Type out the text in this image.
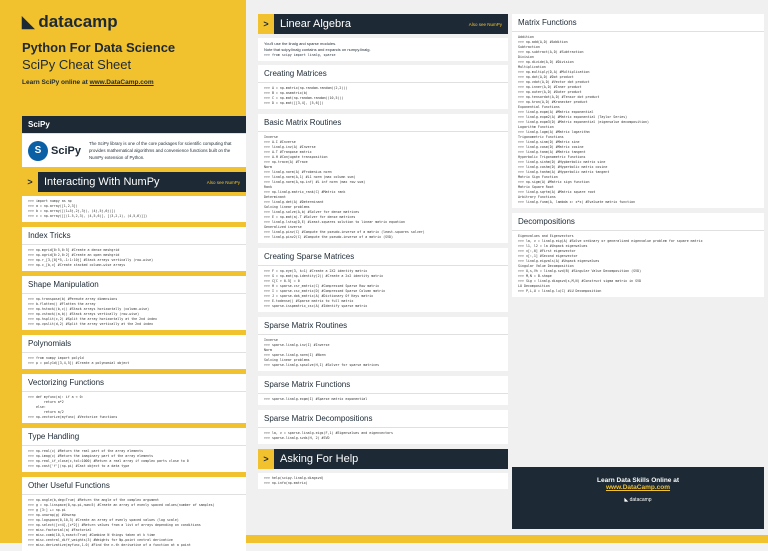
◣ datacamp
Python For Data Science
SciPy Cheat Sheet
Learn SciPy online at www.DataCamp.com
SciPy
S SciPy
The SciPy library is one of the core packages for scientific computing that provides mathematical algorithms and convenience functions built on the NumPy extension of Python.
>	Interacting With NumPy	Also see NumPy
>>> import numpy as np
>>> a = np.array([1,2,3])
>>> b = np.array([(1+5j,2j,3j), (4j,5j,6j)])
>>> c = np.array([[(1.5,2,3), (4,5,6)], [(3,2,1), (4,5,6)]])
Index Tricks
>>> np.mgrid[0:5,0:5] #Create a dense meshgrid
>>> np.ogrid[0:2,0:2] #Create an open meshgrid
>>> np.r_[3,[0]*5,-1:1:10j] #Stack arrays vertically (row-wise)
>>> np.c_[b,c] #Create stacked column-wise arrays
Shape Manipulation
>>> np.transpose(b) #Permute array dimensions
>>> b.flatten() #Flatten the array
>>> np.hstack((b,c)) #Stack arrays horizontally (column-wise)
>>> np.vstack((a,b)) #Stack arrays vertically (row-wise)
>>> np.hsplit(c,2) #Split the array horizontally at the 2nd index
>>> np.vpslit(d,2) #Split the array vertically at the 2nd index
Polynomials
>>> from numpy import poly1d
>>> p = poly1d([3,4,5]) #Create a polynomial object
Vectorizing Functions
>>> def myfunc(a): if a < 0:
return a*2
else:
return a/2
>>> np.vectorize(myfunc) #Vectorize functions
Type Handling
>>> np.real(c) #Return the real part of the array elements
>>> np.imag(c) #Return the imaginary part of the array elements
>>> np.real_if_close(c,tol=1000) #Return a real array if complex parts close to 0
>>> np.cast['f'](np.pi) #Cast object to a data type
Other Useful Functions
>>> np.angle(b,deg=True) #Return the angle of the complex argument
>>> g = np.linspace(0,np.pi,num=5) #Create an array of evenly spaced values(number of samples)
>>> g [3:] += np.pi
>>> np.unwrap(g) #Unwrap
>>> np.logspace(0,10,3) #Create an array of evenly spaced values (log scale)
>>> np.select([c<4],[c*2]) #Return values from a list of arrays depending on conditions
>>> misc.factorial(a) #Factorial
>>> misc.comb(10,3,exact=True) #Combine N things taken at k time
>>> misc.central_diff_weights(3) #Weights for Np-point central derivative
>>> misc.derivative(myfunc,1.0) #Find the n-th derivative of a function at a point
>	Linear Algebra	Also see NumPy
You'll use the linalg and sparse modules.
Note that scipy.linalg contains and expands on numpy.linalg.
>>> from scipy import linalg, sparse
Creating Matrices
>>> A = np.matrix(np.random.random((2,2)))
>>> B = np.asmatrix(b)
>>> C = np.mat(np.random.random((10,5)))
>>> D = np.mat([[3,4], [5,6]])
Basic Matrix Routines
Inverse
>>> A.I #Inverse
>>> linalg.inv(A) #Inverse
>>> A.T #Tranpose matrix
>>> A.H #Conjugate transposition
>>> np.trace(A) #Trace
Norm
>>> linalg.norm(A) #Frobenius norm
>>> linalg.norm(A,1) #L1 norm (max column sum)
>>> linalg.norm(A,np.inf) #L inf norm (max row sum)
Rank
>>> np.linalg.matrix_rank(C) #Matrix rank
Determinant
>>> linalg.det(A) #Determinant
Solving linear problems
>>> linalg.solve(A,b) #Solver for dense matrices
>>> E = np.mat(a).T #Solver for dense matrices
>>> linalg.lstsq(D,E) #Least-squares solution to linear matrix equation
Generalized inverse
>>> linalg.pinv(C) #Compute the pseudo-inverse of a matrix (least-squares solver)
>>> linalg.pinv2(C) #Compute the pseudo-inverse of a matrix (SVD)
Creating Sparse Matrices
>>> F = np.eye(3, k=1) #Create a 2X2 identity matrix
>>> G = np.mat(np.identity(2)) #Create a 2x2 identity matrix
>>> C[C > 0.5] = 0
>>> H = sparse.csr_matrix(C) #Compressed Sparse Row matrix
>>> I = sparse.csc_matrix(D) #Compressed Sparse Column matrix
>>> J = sparse.dok_matrix(A) #Dictionary Of Keys matrix
>>> E.todense() #Sparse matrix to full matrix
>>> sparse.isspmatrix_csc(A) #Identify sparse matrix
Sparse Matrix Routines
Inverse
>>> sparse.linalg.inv(I) #Inverse
Norm
>>> sparse.linalg.norm(I) #Norm
Solving linear problems
>>> sparse.linalg.spsolve(H,I) #Solver for sparse matrices
Sparse Matrix Functions
>>> sparse.linalg.expm(I) #Sparse matrix exponential
Sparse Matrix Decompositions
>>> la, v = sparse.linalg.eigs(F,1) #Eigenvalues and eigenvectors
>>> sparse.linalg.svds(H, 2) #SVD
>	Asking For Help
>>> help(scipy.linalg.diagsvd)
>>> np.info(np.matrix)
Matrix Functions
Addition
>>> np.add(A,D) #Addition
Subtraction
>>> np.subtract(A,D) #Subtraction
Division
>>> np.divide(A,D) #Division
Multiplication
>>> np.multiply(D,A) #Multiplication
>>> np.dot(A,D) #Dot product
>>> np.vdot(A,D) #Vector dot product
>>> np.inner(A,D) #Inner product
>>> np.outer(A,D) #Outer product
>>> np.tensordot(A,D) #Tensor dot product
>>> np.kron(A,D) #Kronecker product
Exponential Functions
>>> linalg.expm(A) #Matrix exponential
>>> linalg.expm2(A) #Matrix exponential (Taylor Series)
>>> linalg.expm3(D) #Matrix exponential (eigenvalue decomposition)
Logarithm Function
>>> linalg.logm(A) #Matrix logarithm
Trigonometric Functions
>>> linalg.sinm(D) #Matrix sine
>>> linalg.cosm(D) #Matrix cosine
>>> linalg.tanm(A) #Matrix tangent
Hyperbolic Trigonometric Functions
>>> linalg.sinhm(D) #Hypberbolic matrix sine
>>> linalg.coshm(D) #Hyperbolic matrix cosine
>>> linalg.tanhm(A) #Hyperbolic matrix tangent
Matrix Sign Function
>>> np.sigm(A) #Matrix sign function
Matrix Square Root
>>> linalg.sqrtm(A) #Matrix square root
Arbitrary Functions
>>> linalg.funm(A, lambda x: x*x) #Evaluate matrix function
Decompositions
Eigenvalues and Eigenvectors
>>> la, v = linalg.eig(A) #Solve ordinary or generalized eigenvalue problem for square matrix
>>> l1, l2 = la #Unpack eigenvalues
>>> v[:,0] #First eigenvector
>>> v[:,1] #Second eigenvector
>>> linalg.eigvals(A) #Unpack eigenvalues
Singular Value Decomposition
>>> U,s,Vh = linalg.svd(B) #Singular Value Decomposition (SVD)
>>> M,N = B.shape
>>> Sig = linalg.diagsvd(s,M,N) #Construct sigma matrix in SVD
LU Decomposition
>>> P,L,U = linalg.lu(C) #LU Decomposition
Learn Data Skills Online at
www.DataCamp.com
◣ datacamp
